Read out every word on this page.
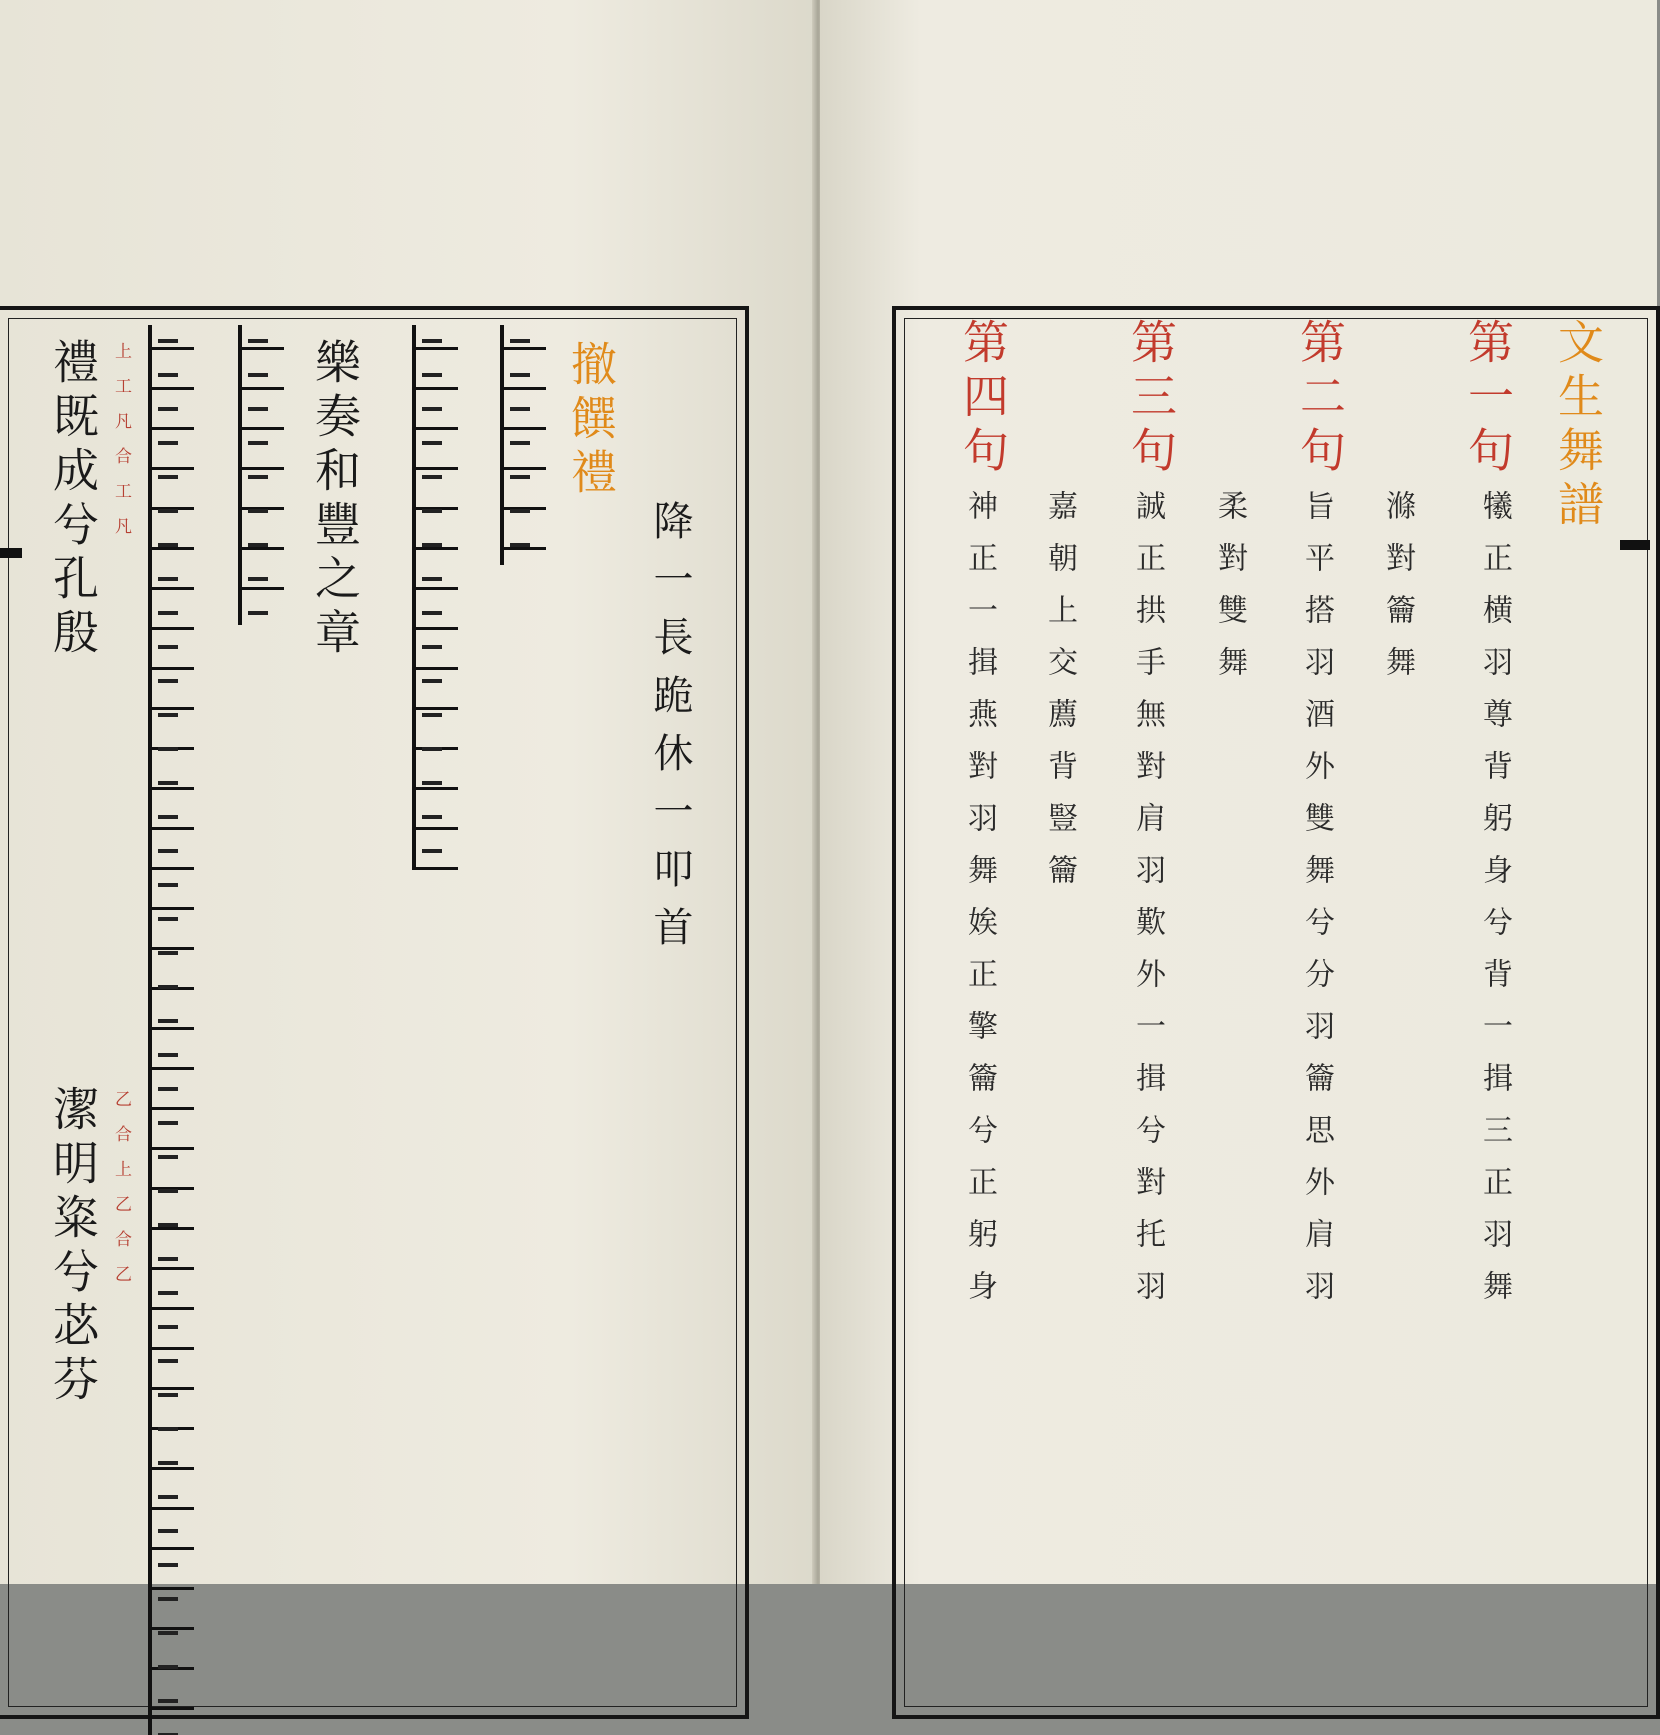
撤饌禮
降一長跪休一叩首
樂奏和豐之章
禮既成兮孔殷
潔明粢兮苾芬
上工凡合工凡
乙合上乙合乙
文生舞譜
第一句
犧正横羽尊背躬身兮背一揖三正羽舞
滌對籥舞
第二句
旨平搭羽酒外雙舞兮分羽籥思外肩羽
柔對雙舞
第三句
誠正拱手無對肩羽歎外一揖兮對托羽
嘉朝上交薦背豎籥
第四句
神正一揖燕對羽舞娭正擎籥兮正躬身
